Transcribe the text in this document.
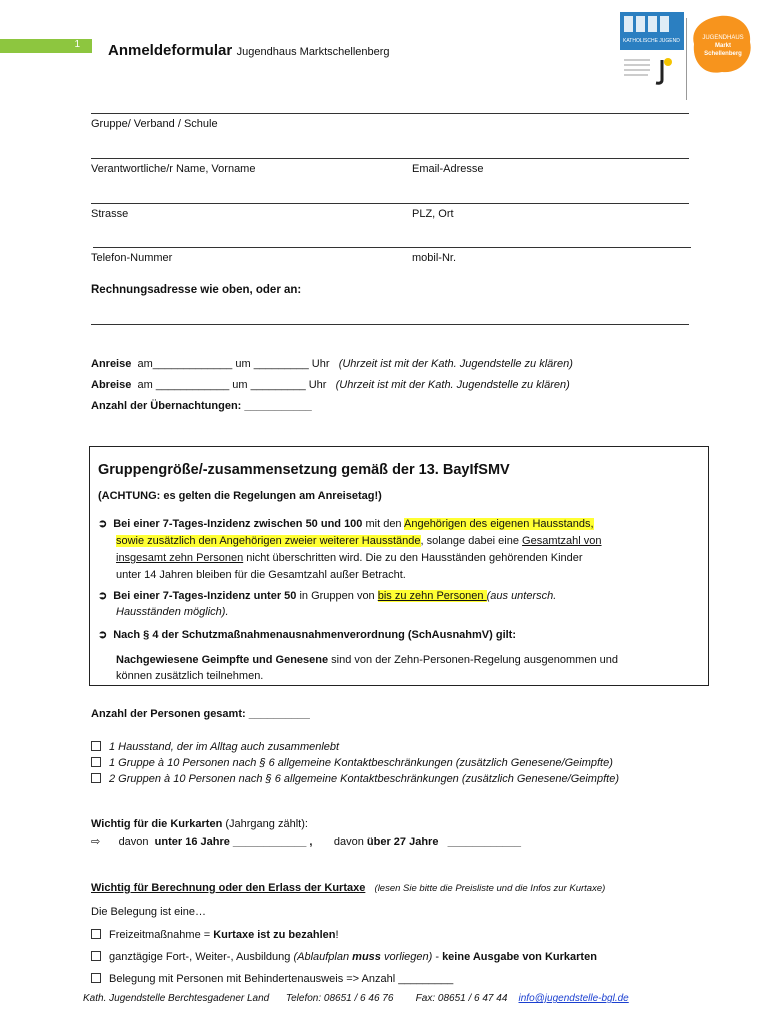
1 Anmeldeformular Jugendhaus Marktschellenberg
KATHOLISCHE JUGEND	JUGENDHAUS
Markt
Schellenberg
Gruppe/ Verband / Schule
Verantwortliche/r Name, Vorname	Email-Adresse
Strasse	PLZ, Ort
Telefon-Nummer	mobil-Nr.
Rechnungsadresse wie oben, oder an:
Anreise am_____________ um _________ Uhr (Uhrzeit ist mit der Kath. Jugendstelle zu klären)
Abreise am ____________ um _________ Uhr (Uhrzeit ist mit der Kath. Jugendstelle zu klären)
Anzahl der Übernachtungen: ___________
Gruppengröße/-zusammensetzung gemäß der 13. BayIfSMV
(ACHTUNG: es gelten die Regelungen am Anreisetag!)
➲ Bei einer 7-Tages-Inzidenz zwischen 50 und 100 mit den Angehörigen des eigenen Hausstands,
sowie zusätzlich den Angehörigen zweier weiterer Hausstände, solange dabei eine Gesamtzahl von
insgesamt zehn Personen nicht überschritten wird. Die zu den Hausständen gehörenden Kinder
unter 14 Jahren bleiben für die Gesamtzahl außer Betracht.
➲ Bei einer 7-Tages-Inzidenz unter 50 in Gruppen von bis zu zehn Personen (aus untersch.
Hausständen möglich).
➲ Nach § 4 der Schutzmaßnahmenausnahmenverordnung (SchAusnahmV) gilt:
Nachgewiesene Geimpfte und Genesene sind von der Zehn-Personen-Regelung ausgenommen und
können zusätzlich teilnehmen.
Anzahl der Personen gesamt: __________
1 Hausstand, der im Alltag auch zusammenlebt
1 Gruppe à 10 Personen nach § 6 allgemeine Kontaktbeschränkungen (zusätzlich Genesene/Geimpfte)
2 Gruppen à 10 Personen nach § 6 allgemeine Kontaktbeschränkungen (zusätzlich Genesene/Geimpfte)
Wichtig für die Kurkarten (Jahrgang zählt):
⇨ davon unter 16 Jahre ____________ , davon über 27 Jahre ____________
Wichtig für Berechnung oder den Erlass der Kurtaxe (lesen Sie bitte die Preisliste und die Infos zur Kurtaxe)
Die Belegung ist eine…
Freizeitmaßnahme = Kurtaxe ist zu bezahlen!
ganztägige Fort-, Weiter-, Ausbildung (Ablaufplan muss vorliegen) - keine Ausgabe von Kurkarten
Belegung mit Personen mit Behindertenausweis => Anzahl _________
Kath. Jugendstelle Berchtesgadener Land Telefon: 08651 / 6 46 76 Fax: 08651 / 6 47 44 info@jugendstelle-bgl.de
